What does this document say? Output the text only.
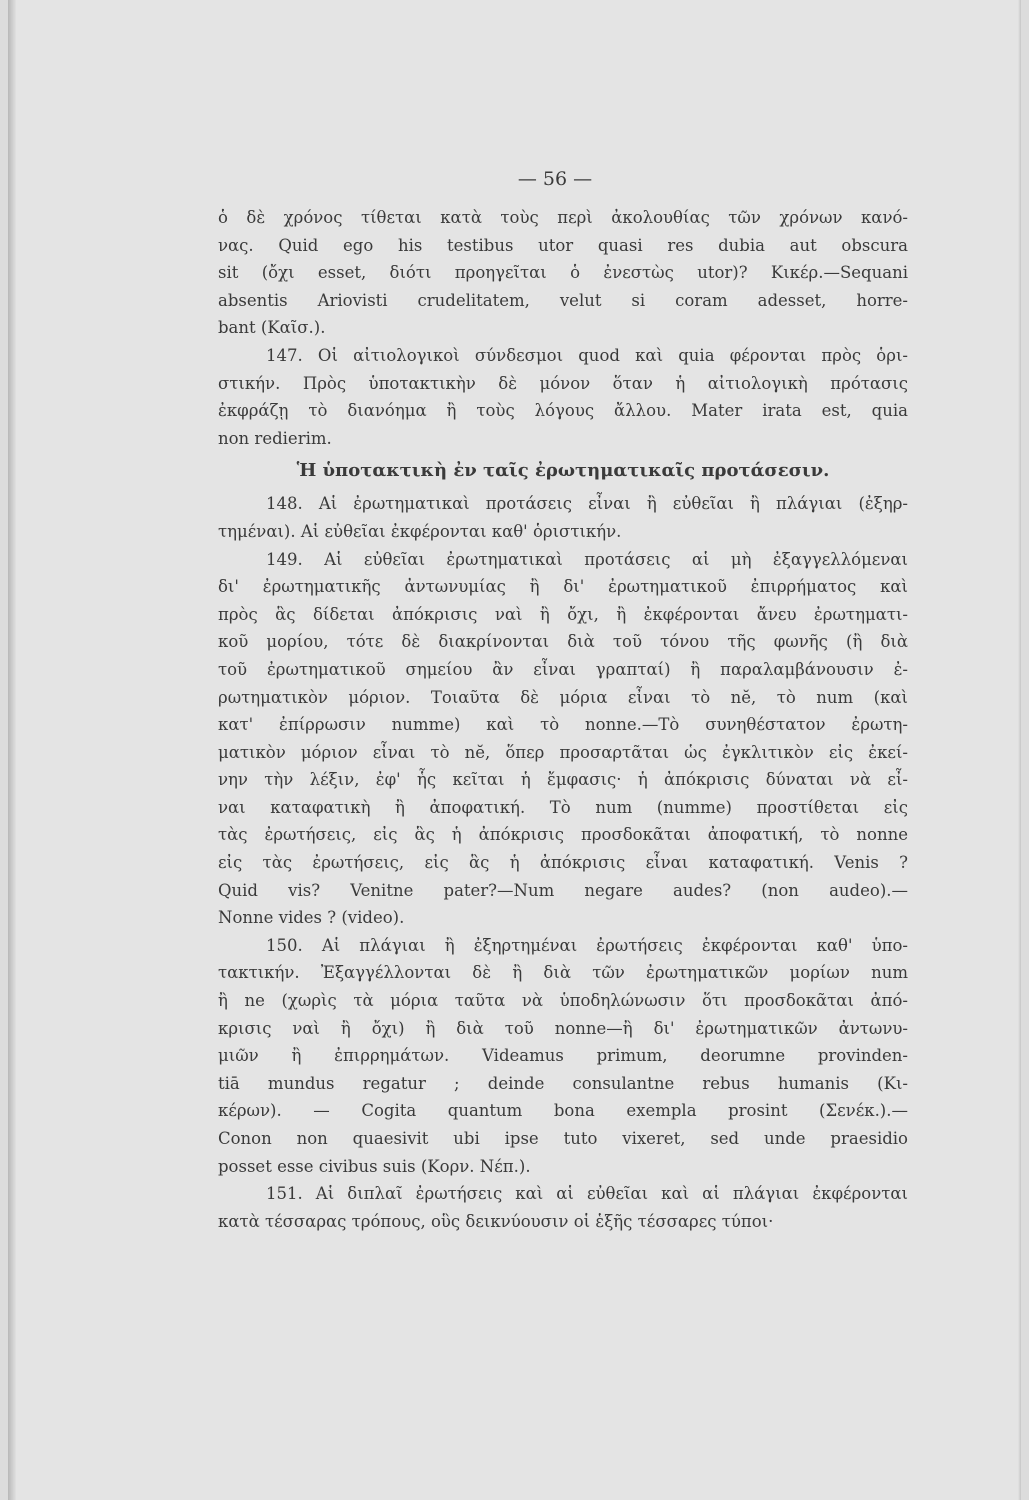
— 56 —
ὁ δὲ χρόνος τίθεται κατὰ τοὺς περὶ ἀκολουθίας τῶν χρόνων κανό-
νας. Quid ego his testibus utor quasi res dubia aut obscura
sit (ὄχι esset, διότι προηγεῖται ὁ ἐνεστὼς utor)? Κικέρ.—Sequani
absentis Ariovisti crudelitatem, velut si coram adesset, horre-
bant (Καῖσ.).
147. Οἱ αἰτιολογικοὶ σύνδεσμοι quod καὶ quia φέρονται πρὸς ὁρι-
στικήν. Πρὸς ὑποτακτικὴν δὲ μόνον ὅταν ἡ αἰτιολογικὴ πρότασις
ἐκφράζῃ τὸ διανόημα ἢ τοὺς λόγους ἄλλου. Mater irata est, quia
non redierim.
Ἡ ὑποτακτικὴ ἐν ταῖς ἐρωτηματικαῖς προτάσεσιν.
148. Αἱ ἐρωτηματικαὶ προτάσεις εἶναι ἢ εὐθεῖαι ἢ πλάγιαι (ἐξηρ-
τημέναι). Αἱ εὐθεῖαι ἐκφέρονται καθ' ὁριστικήν.
149. Αἱ εὐθεῖαι ἐρωτηματικαὶ προτάσεις αἱ μὴ ἐξαγγελλόμεναι
δι' ἐρωτηματικῆς ἀντωνυμίας ἢ δι' ἐρωτηματικοῦ ἐπιρρήματος καὶ
πρὸς ἃς δίδεται ἀπόκρισις ναὶ ἢ ὄχι, ἢ ἐκφέρονται ἄνευ ἐρωτηματι-
κοῦ μορίου, τότε δὲ διακρίνονται διὰ τοῦ τόνου τῆς φωνῆς (ἢ διὰ
τοῦ ἐρωτηματικοῦ σημείου ἂν εἶναι γραπταί) ἢ παραλαμβάνουσιν ἐ-
ρωτηματικὸν μόριον. Τοιαῦτα δὲ μόρια εἶναι τὸ nĕ, τὸ num (καὶ
κατ' ἐπίρρωσιν numme) καὶ τὸ nonne.—Τὸ συνηθέστατον ἐρωτη-
ματικὸν μόριον εἶναι τὸ nĕ, ὅπερ προσαρτᾶται ὡς ἐγκλιτικὸν εἰς ἐκεί-
νην τὴν λέξιν, ἐφ' ἧς κεῖται ἡ ἔμφασις· ἡ ἀπόκρισις δύναται νὰ εἶ-
ναι καταφατικὴ ἢ ἀποφατική. Τὸ num (numme) προστίθεται εἰς
τὰς ἐρωτήσεις, εἰς ἃς ἡ ἀπόκρισις προσδοκᾶται ἀποφατική, τὸ nonne
εἰς τὰς ἐρωτήσεις, εἰς ἃς ἡ ἀπόκρισις εἶναι καταφατική. Venis ?
Quid vis? Venitne pater?—Num negare audes? (non audeo).—
Nonne vides ? (video).
150. Αἱ πλάγιαι ἢ ἐξηρτημέναι ἐρωτήσεις ἐκφέρονται καθ' ὑπο-
τακτικήν. Ἐξαγγέλλονται δὲ ἢ διὰ τῶν ἐρωτηματικῶν μορίων num
ἢ ne (χωρὶς τὰ μόρια ταῦτα νὰ ὑποδηλώνωσιν ὅτι προσδοκᾶται ἀπό-
κρισις ναὶ ἢ ὄχι) ἢ διὰ τοῦ nonne—ἢ δι' ἐρωτηματικῶν ἀντωνυ-
μιῶν ἢ ἐπιρρημάτων. Videamus primum, deorumne provinden-
tiā mundus regatur ; deinde consulantne rebus humanis (Κι-
κέρων). — Cogita quantum bona exempla prosint (Σενέκ.).—
Conon non quaesivit ubi ipse tuto vixeret, sed unde praesidio
posset esse civibus suis (Κορν. Νέπ.).
151. Αἱ διπλαῖ ἐρωτήσεις καὶ αἱ εὐθεῖαι καὶ αἱ πλάγιαι ἐκφέρονται
κατὰ τέσσαρας τρόπους, οὓς δεικνύουσιν οἱ ἑξῆς τέσσαρες τύποι·
